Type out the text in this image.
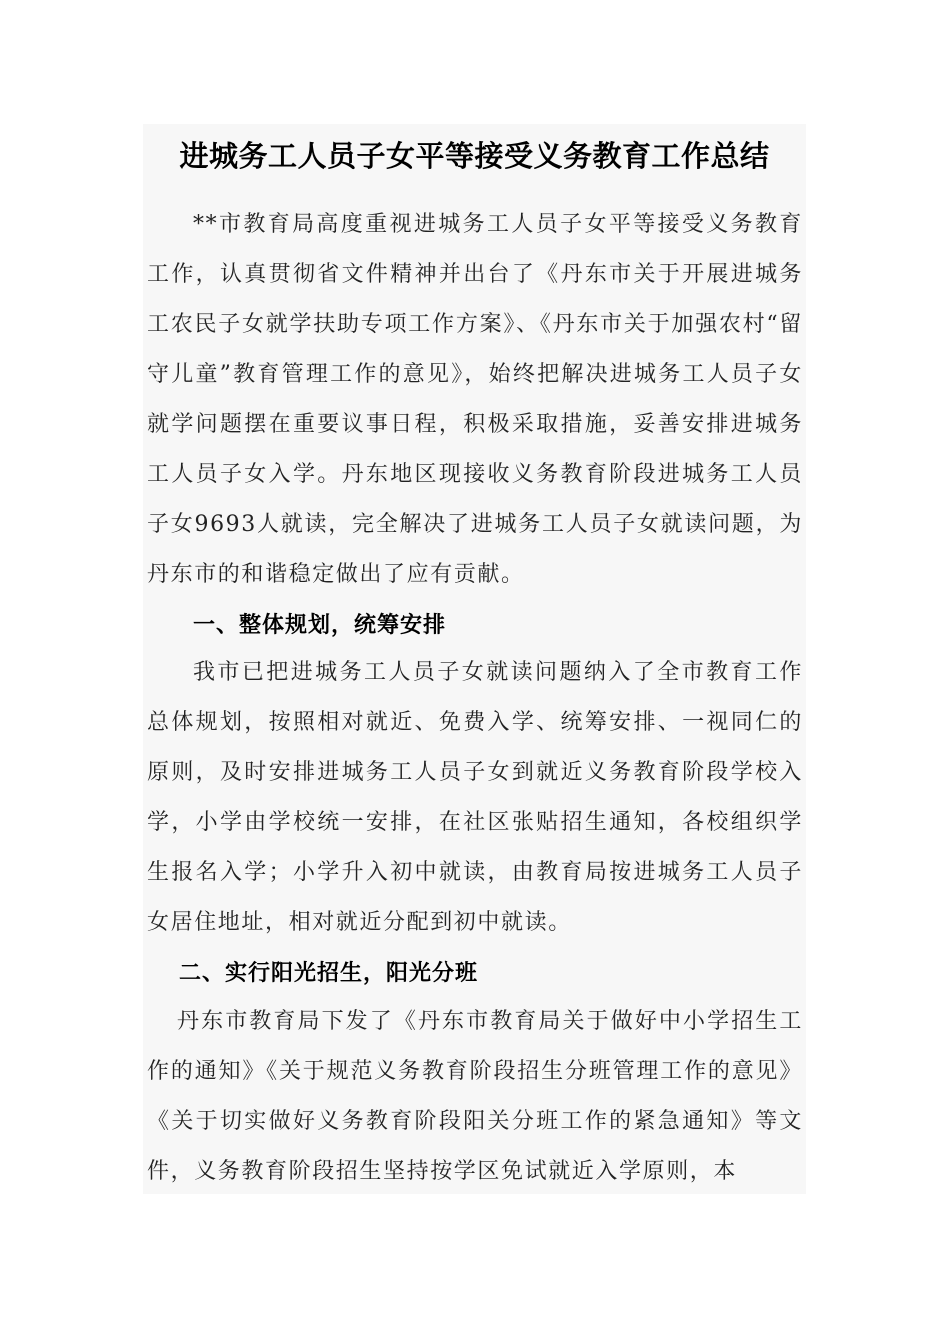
进城务工人员子女平等接受义务教育工作总结

**市教育局高度重视进城务工人员子女平等接受义务教育工作，认真贯彻省文件精神并出台了《丹东市关于开展进城务工农民子女就学扶助专项工作方案》、《丹东市关于加强农村“留守儿童”教育管理工作的意见》，始终把解决进城务工人员子女就学问题摆在重要议事日程，积极采取措施，妥善安排进城务工人员子女入学。丹东地区现接收义务教育阶段进城务工人员子女9693人就读，完全解决了进城务工人员子女就读问题，为丹东市的和谐稳定做出了应有贡献。

一、整体规划，统筹安排

我市已把进城务工人员子女就读问题纳入了全市教育工作总体规划，按照相对就近、免费入学、统筹安排、一视同仁的原则，及时安排进城务工人员子女到就近义务教育阶段学校入学，小学由学校统一安排，在社区张贴招生通知，各校组织学生报名入学；小学升入初中就读，由教育局按进城务工人员子女居住地址，相对就近分配到初中就读。

二、实行阳光招生，阳光分班

丹东市教育局下发了《丹东市教育局关于做好中小学招生工作的通知》《关于规范义务教育阶段招生分班管理工作的意见》《关于切实做好义务教育阶段阳关分班工作的紧急通知》等文件，义务教育阶段招生坚持按学区免试就近入学原则，本
